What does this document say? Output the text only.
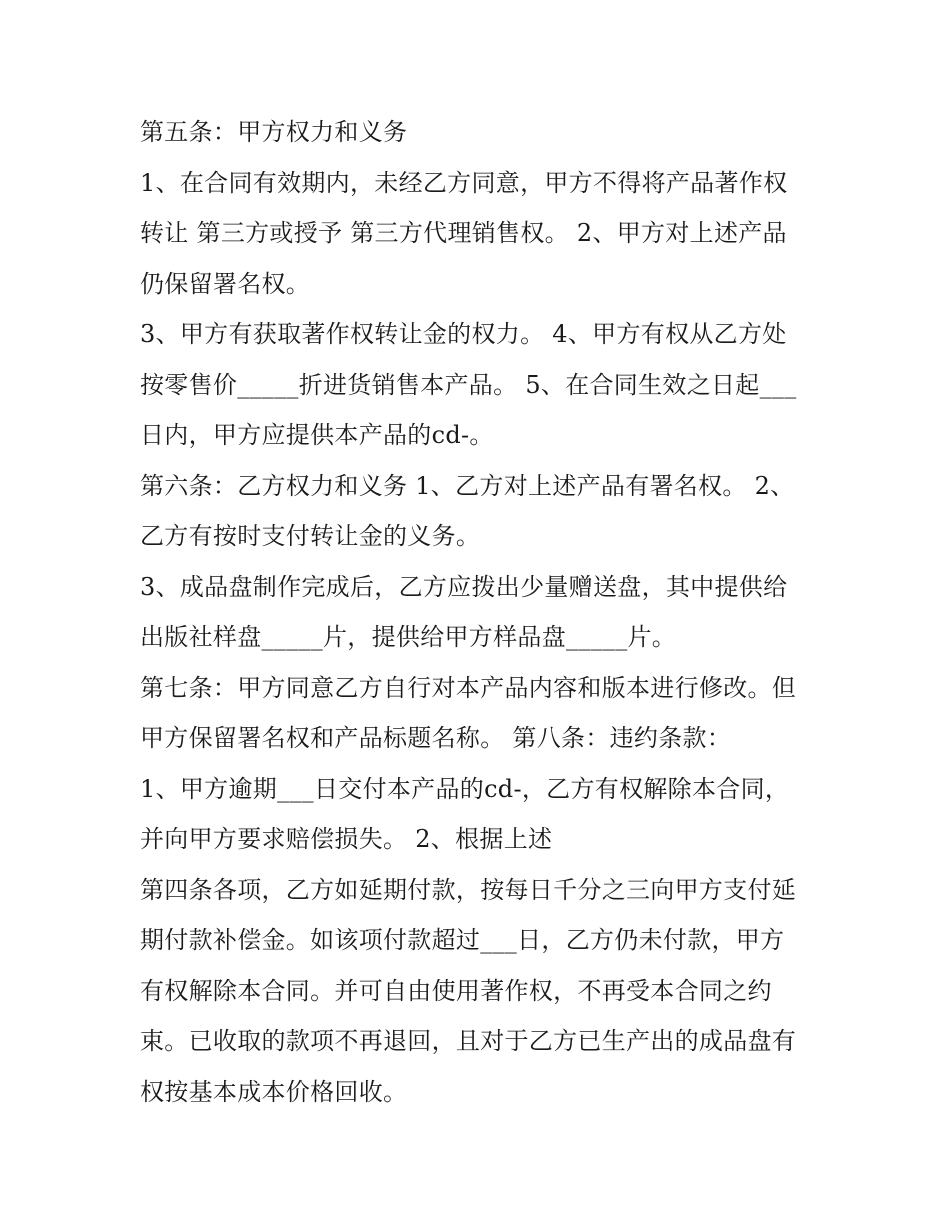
第五条：甲方权力和义务
1、在合同有效期内，未经乙方同意，甲方不得将产品著作权
转让 第三方或授予 第三方代理销售权。 2、甲方对上述产品
仍保留署名权。
3、甲方有获取著作权转让金的权力。 4、甲方有权从乙方处
按零售价_____折进货销售本产品。 5、在合同生效之日起___
日内，甲方应提供本产品的cd-。
第六条：乙方权力和义务 1、乙方对上述产品有署名权。 2、
乙方有按时支付转让金的义务。
3、成品盘制作完成后，乙方应拨出少量赠送盘，其中提供给
出版社样盘_____片，提供给甲方样品盘_____片。
第七条：甲方同意乙方自行对本产品内容和版本进行修改。但
甲方保留署名权和产品标题名称。 第八条：违约条款：
1、甲方逾期___日交付本产品的cd-，乙方有权解除本合同，
并向甲方要求赔偿损失。 2、根据上述
第四条各项，乙方如延期付款，按每日千分之三向甲方支付延
期付款补偿金。如该项付款超过___日，乙方仍未付款，甲方
有权解除本合同。并可自由使用著作权，不再受本合同之约
束。已收取的款项不再退回，且对于乙方已生产出的成品盘有
权按基本成本价格回收。
